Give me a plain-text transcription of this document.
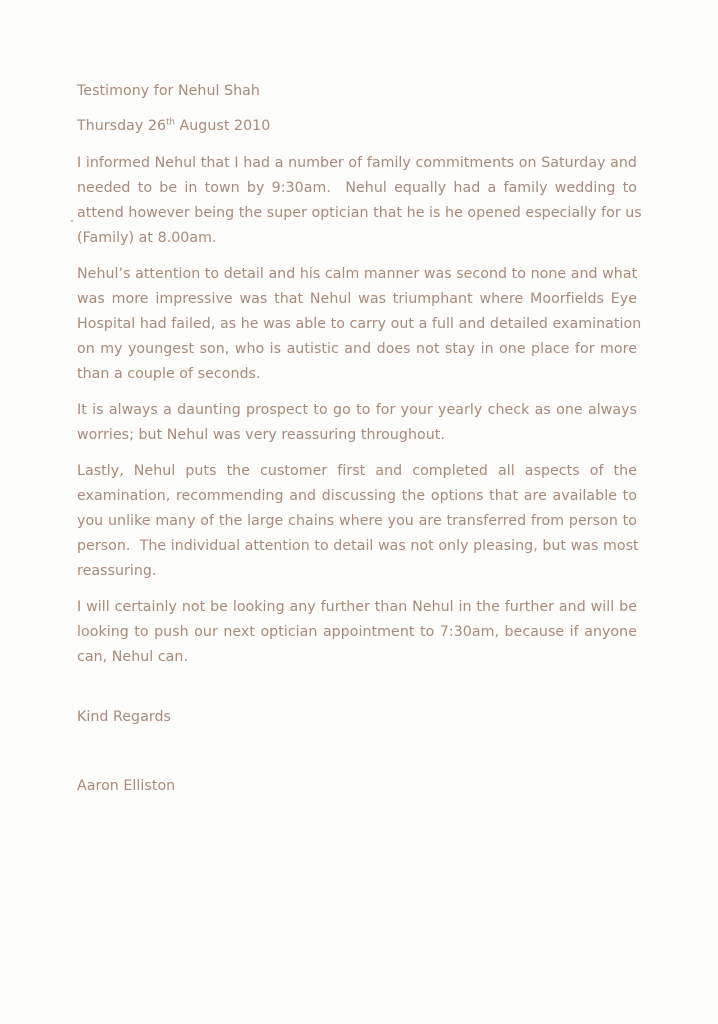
Testimony for Nehul Shah
Thursday 26th August 2010
I informed Nehul that I had a number of family commitments on Saturday and
needed to be in town by 9:30am.  Nehul equally had a family wedding to
attend however being the super optician that he is he opened especially for us
(Family) at 8.00am.
Nehul’s attention to detail and his calm manner was second to none and what
was more impressive was that Nehul was triumphant where Moorfields Eye
Hospital had failed, as he was able to carry out a full and detailed examination
on my youngest son, who is autistic and does not stay in one place for more
than a couple of seconds.
It is always a daunting prospect to go to for your yearly check as one always
worries; but Nehul was very reassuring throughout.
Lastly, Nehul puts the customer first and completed all aspects of the
examination, recommending and discussing the options that are available to
you unlike many of the large chains where you are transferred from person to
person.  The individual attention to detail was not only pleasing, but was most
reassuring.
I will certainly not be looking any further than Nehul in the further and will be
looking to push our next optician appointment to 7:30am, because if anyone
can, Nehul can.
Kind Regards
Aaron Elliston
